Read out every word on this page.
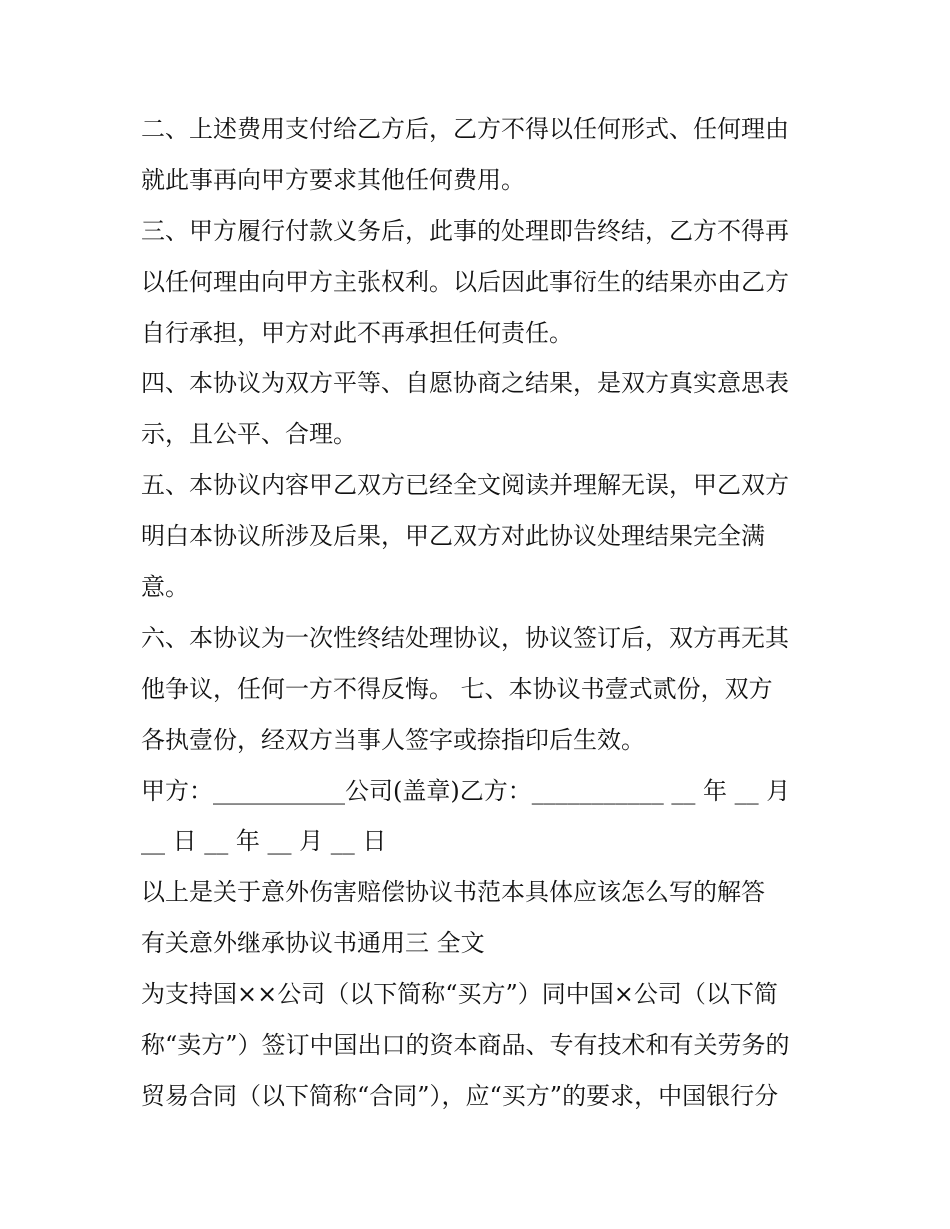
二、上述费用支付给乙方后，乙方不得以任何形式、任何理由
就此事再向甲方要求其他任何费用。
三、甲方履行付款义务后，此事的处理即告终结，乙方不得再
以任何理由向甲方主张权利。以后因此事衍生的结果亦由乙方
自行承担，甲方对此不再承担任何责任。
四、本协议为双方平等、自愿协商之结果，是双方真实意思表
示，且公平、合理。
五、本协议内容甲乙双方已经全文阅读并理解无误，甲乙双方
明白本协议所涉及后果，甲乙双方对此协议处理结果完全满
意。
六、本协议为一次性终结处理协议，协议签订后，双方再无其
他争议，任何一方不得反悔。 七、本协议书壹式贰份，双方
各执壹份，经双方当事人签字或捺指印后生效。
甲方：___________公司(盖章)乙方：___________ __ 年 __ 月
__ 日 __ 年 __ 月 __ 日
以上是关于意外伤害赔偿协议书范本具体应该怎么写的解答
有关意外继承协议书通用三 全文
为支持国××公司（以下简称“买方”）同中国×公司（以下简
称“卖方”）签订中国出口的资本商品、专有技术和有关劳务的
贸易合同（以下简称“合同”），应“买方”的要求，中国银行分
